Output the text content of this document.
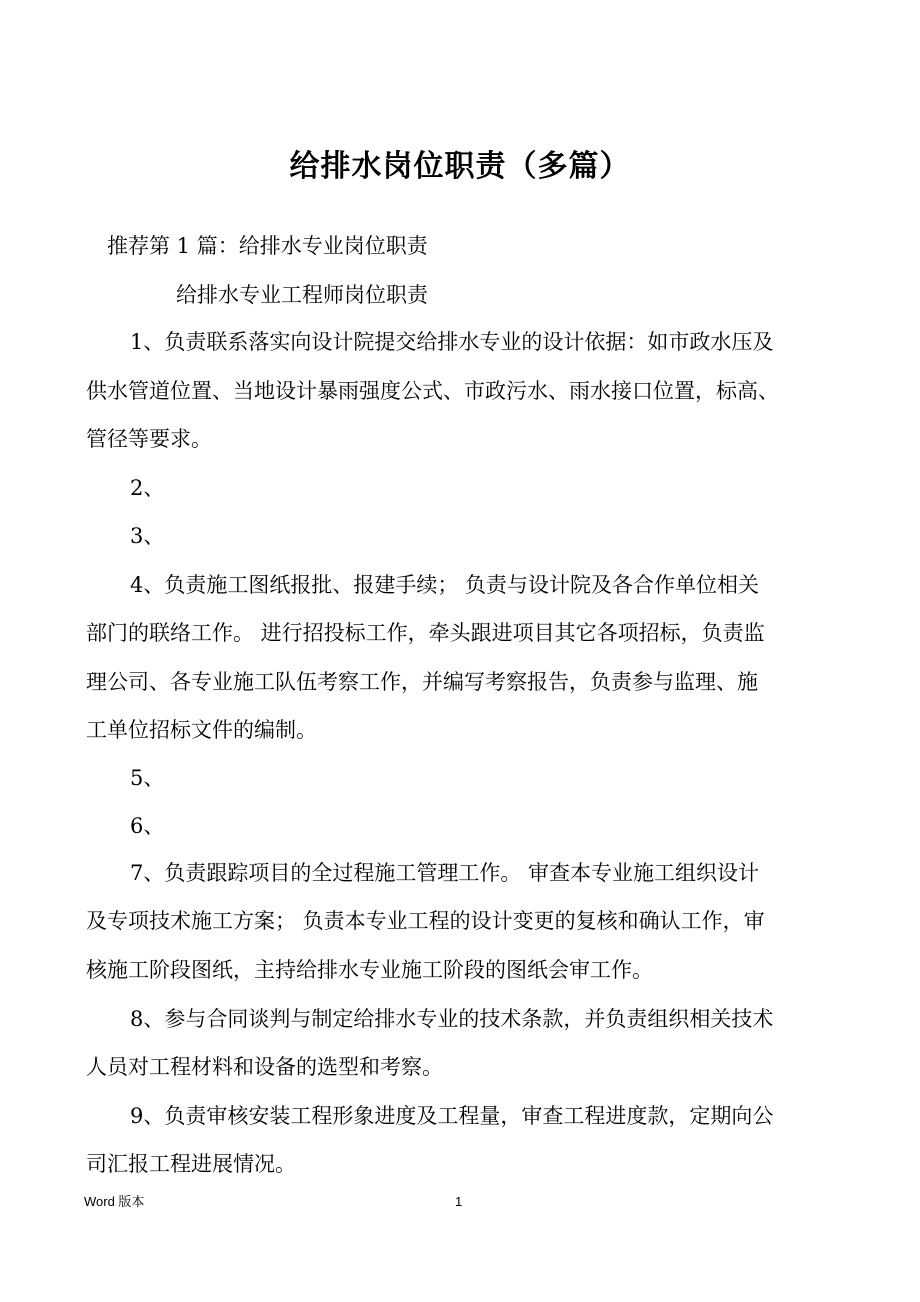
给排水岗位职责（多篇）
推荐第 1 篇：给排水专业岗位职责
给排水专业工程师岗位职责
1、负责联系落实向设计院提交给排水专业的设计依据：如市政水压及
供水管道位置、当地设计暴雨强度公式、市政污水、雨水接口位置，标高、
管径等要求。
2、
3、
4、负责施工图纸报批、报建手续； 负责与设计院及各合作单位相关
部门的联络工作。 进行招投标工作，牵头跟进项目其它各项招标，负责监
理公司、各专业施工队伍考察工作，并编写考察报告，负责参与监理、施
工单位招标文件的编制。
5、
6、
7、负责跟踪项目的全过程施工管理工作。 审查本专业施工组织设计
及专项技术施工方案； 负责本专业工程的设计变更的复核和确认工作，审
核施工阶段图纸，主持给排水专业施工阶段的图纸会审工作。
8、参与合同谈判与制定给排水专业的技术条款，并负责组织相关技术
人员对工程材料和设备的选型和考察。
9、负责审核安装工程形象进度及工程量，审查工程进度款，定期向公
司汇报工程进展情况。
Word 版本	1
